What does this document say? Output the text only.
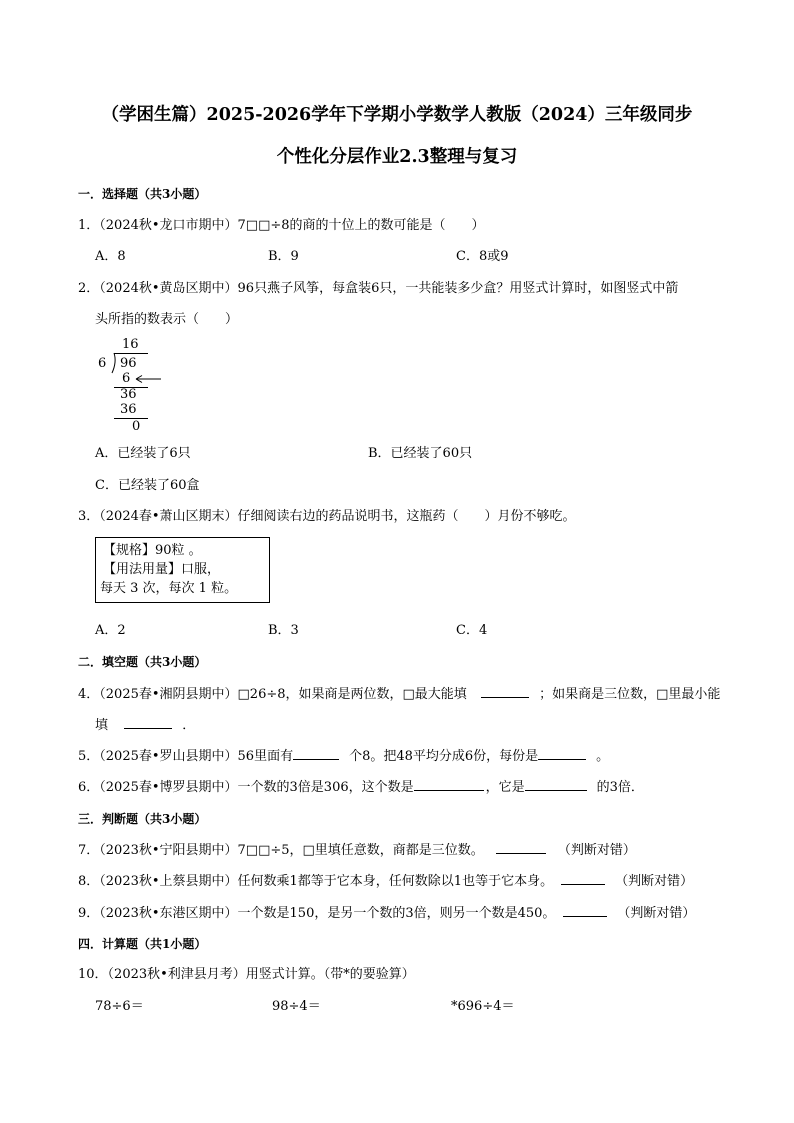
（学困生篇）2025-2026学年下学期小学数学人教版（2024）三年级同步
个性化分层作业2.3整理与复习
一．选择题（共3小题）
1．（2024秋•龙口市期中）7□□÷8的商的十位上的数可能是（　　）
A．8	B．9	C．8或9
2．（2024秋•黄岛区期中）96只燕子风筝，每盒装6只，一共能装多少盒？用竖式计算时，如图竖式中箭
头所指的数表示（　　）
16
6 96
6
36
36
0
A．已经装了6只	B．已经装了60只
C．已经装了60盒
3．（2024春•萧山区期末）仔细阅读右边的药品说明书，这瓶药（　　）月份不够吃。
【规格】90粒 。
【用法用量】口服，
每天 3 次，每次 1 粒。
A．2	B．3	C．4
二．填空题（共3小题）
4．（2025春•湘阴县期中）□26÷8，如果商是两位数，□最大能填	；如果商是三位数，□里最小能
填	．
5．（2025春•罗山县期中）56里面有	个8。把48平均分成6份，每份是	。
6．（2025春•博罗县期中）一个数的3倍是306，这个数是	，它是	的3倍．
三．判断题（共3小题）
7．（2023秋•宁阳县期中）7□□÷5，□里填任意数，商都是三位数。	（判断对错）
8．（2023秋•上蔡县期中）任何数乘1都等于它本身，任何数除以1也等于它本身。	（判断对错）
9．（2023秋•东港区期中）一个数是150，是另一个数的3倍，则另一个数是450。	（判断对错）
四．计算题（共1小题）
10．（2023秋•利津县月考）用竖式计算。（带*的要验算）
78÷6＝	98÷4＝	*696÷4＝
